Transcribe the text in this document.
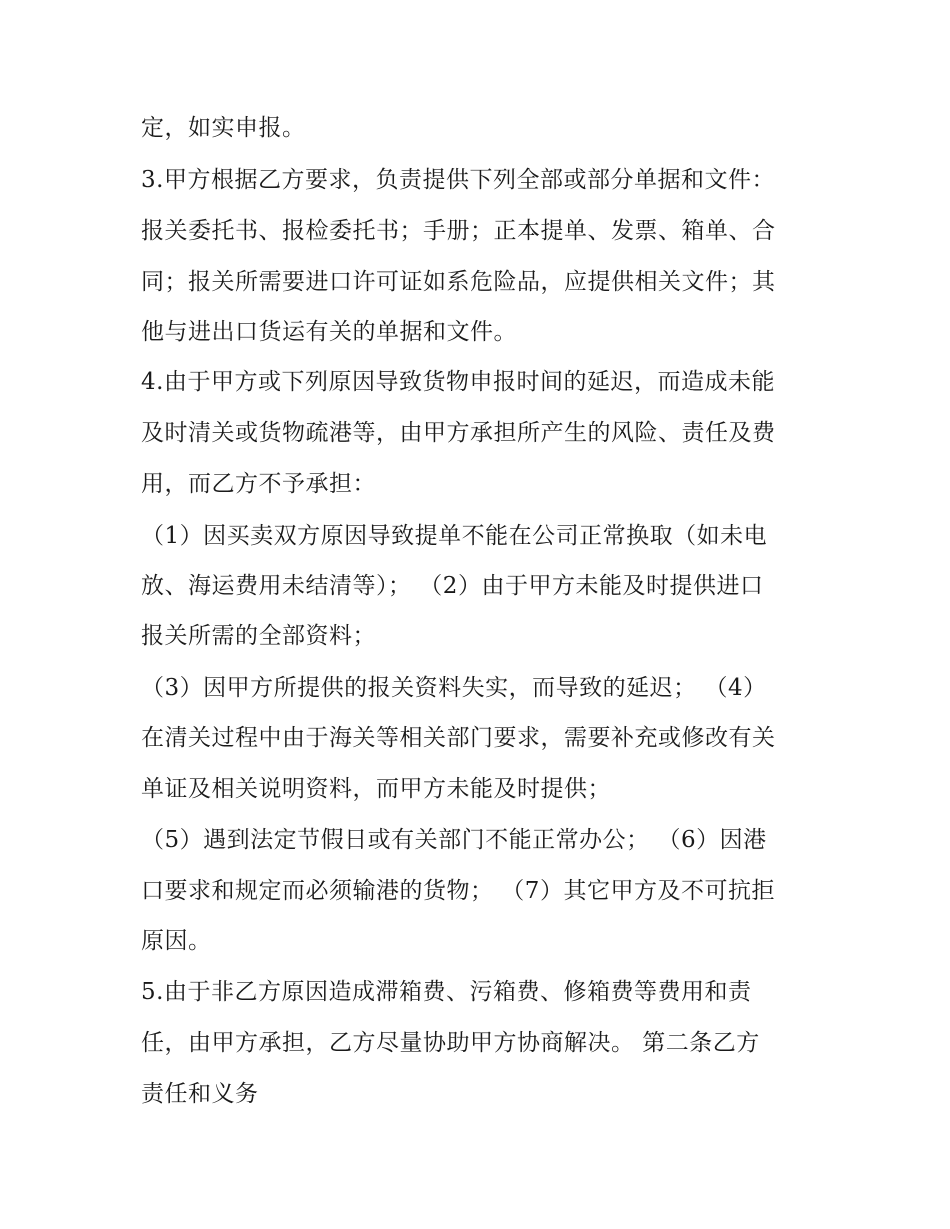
定，如实申报。
3.甲方根据乙方要求，负责提供下列全部或部分单据和文件：
报关委托书、报检委托书；手册；正本提单、发票、箱单、合
同；报关所需要进口许可证如系危险品，应提供相关文件；其
他与进出口货运有关的单据和文件。
4.由于甲方或下列原因导致货物申报时间的延迟，而造成未能
及时清关或货物疏港等，由甲方承担所产生的风险、责任及费
用，而乙方不予承担：
（1）因买卖双方原因导致提单不能在公司正常换取（如未电
放、海运费用未结清等）； （2）由于甲方未能及时提供进口
报关所需的全部资料；
（3）因甲方所提供的报关资料失实，而导致的延迟； （4）
在清关过程中由于海关等相关部门要求，需要补充或修改有关
单证及相关说明资料，而甲方未能及时提供；
（5）遇到法定节假日或有关部门不能正常办公； （6）因港
口要求和规定而必须输港的货物； （7）其它甲方及不可抗拒
原因。
5.由于非乙方原因造成滞箱费、污箱费、修箱费等费用和责
任，由甲方承担，乙方尽量协助甲方协商解决。 第二条乙方
责任和义务
